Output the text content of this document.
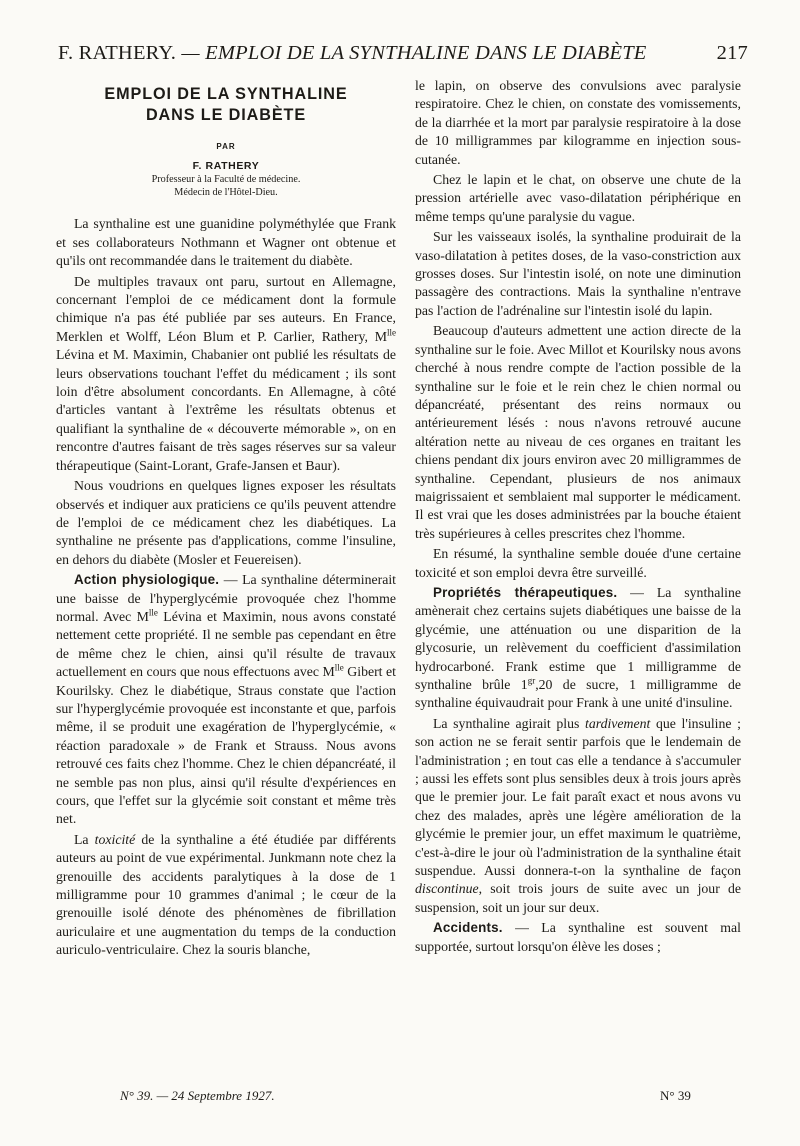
F. RATHERY. — EMPLOI DE LA SYNTHALINE DANS LE DIABÈTE	217
EMPLOI DE LA SYNTHALINE
DANS LE DIABÈTE
PAR
F. RATHERY
Professeur à la Faculté de médecine.
Médecin de l'Hôtel-Dieu.

La synthaline est une guanidine polyméthylée que Frank et ses collaborateurs Nothmann et Wagner ont obtenue et qu'ils ont recommandée dans le traitement du diabète.

De multiples travaux ont paru, surtout en Allemagne, concernant l'emploi de ce médicament dont la formule chimique n'a pas été publiée par ses auteurs. En France, Merklen et Wolff, Léon Blum et P. Carlier, Rathery, $M^{lle}$ Lévina et M. Maximin, Chabanier ont publié les résultats de leurs observations touchant l'effet du médicament ; ils sont loin d'être absolument concordants. En Allemagne, à côté d'articles vantant à l'extrême les résultats obtenus et qualifiant la synthaline de « découverte mémorable », on en rencontre d'autres faisant de très sages réserves sur sa valeur thérapeutique (Saint-Lorant, Grafe-Jansen et Baur).

Nous voudrions en quelques lignes exposer les résultats observés et indiquer aux praticiens ce qu'ils peuvent attendre de l'emploi de ce médicament chez les diabétiques. La synthaline ne présente pas d'applications, comme l'insuline, en dehors du diabète (Mosler et Feuereisen).

Action physiologique. — La synthaline déterminerait une baisse de l'hyperglycémie provoquée chez l'homme normal. Avec $M^{lle}$ Lévina et Maximin, nous avons constaté nettement cette propriété. Il ne semble pas cependant en être de même chez le chien, ainsi qu'il résulte de travaux actuellement en cours que nous effectuons avec $M^{lle}$ Gibert et Kourilsky. Chez le diabétique, Straus constate que l'action sur l'hyperglycémie provoquée est inconstante et que, parfois même, il se produit une exagération de l'hyperglycémie, « réaction paradoxale » de Frank et Strauss. Nous avons retrouvé ces faits chez l'homme. Chez le chien dépancréaté, il ne semble pas non plus, ainsi qu'il résulte d'expériences en cours, que l'effet sur la glycémie soit constant et même très net.

La toxicité de la synthaline a été étudiée par différents auteurs au point de vue expérimental. Junkmann note chez la grenouille des accidents paralytiques à la dose de 1 milligramme pour 10 grammes d'animal ; le cœur de la grenouille isolé dénote des phénomènes de fibrillation auriculaire et une augmentation du temps de la conduction auriculo-ventriculaire. Chez la souris blanche,

le lapin, on observe des convulsions avec paralysie respiratoire. Chez le chien, on constate des vomissements, de la diarrhée et la mort par paralysie respiratoire à la dose de 10 milligrammes par kilogramme en injection sous-cutanée.

Chez le lapin et le chat, on observe une chute de la pression artérielle avec vaso-dilatation périphérique en même temps qu'une paralysie du vague.

Sur les vaisseaux isolés, la synthaline produirait de la vaso-dilatation à petites doses, de la vaso-constriction aux grosses doses. Sur l'intestin isolé, on note une diminution passagère des contractions. Mais la synthaline n'entrave pas l'action de l'adrénaline sur l'intestin isolé du lapin.

Beaucoup d'auteurs admettent une action directe de la synthaline sur le foie. Avec Millot et Kourilsky nous avons cherché à nous rendre compte de l'action possible de la synthaline sur le foie et le rein chez le chien normal ou dépancréaté, présentant des reins normaux ou antérieurement lésés : nous n'avons retrouvé aucune altération nette au niveau de ces organes en traitant les chiens pendant dix jours environ avec 20 milligrammes de synthaline. Cependant, plusieurs de nos animaux maigrissaient et semblaient mal supporter le médicament. Il est vrai que les doses administrées par la bouche étaient très supérieures à celles prescrites chez l'homme.

En résumé, la synthaline semble douée d'une certaine toxicité et son emploi devra être surveillé.

Propriétés thérapeutiques. — La synthaline amènerait chez certains sujets diabétiques une baisse de la glycémie, une atténuation ou une disparition de la glycosurie, un relèvement du coefficient d'assimilation hydrocarboné. Frank estime que 1 milligramme de synthaline brûle $1^{gr},20$ de sucre, 1 milligramme de synthaline équivaudrait pour Frank à une unité d'insuline.

La synthaline agirait plus tardivement que l'insuline ; son action ne se ferait sentir parfois que le lendemain de l'administration ; en tout cas elle a tendance à s'accumuler ; aussi les effets sont plus sensibles deux à trois jours après que le premier jour. Le fait paraît exact et nous avons vu chez des malades, après une légère amélioration de la glycémie le premier jour, un effet maximum le quatrième, c'est-à-dire le jour où l'administration de la synthaline était suspendue. Aussi donnera-t-on la synthaline de façon discontinue, soit trois jours de suite avec un jour de suspension, soit un jour sur deux.

Accidents. — La synthaline est souvent mal supportée, surtout lorsqu'on élève les doses ;

N° 39. — 24 Septembre 1927.	N° 39
